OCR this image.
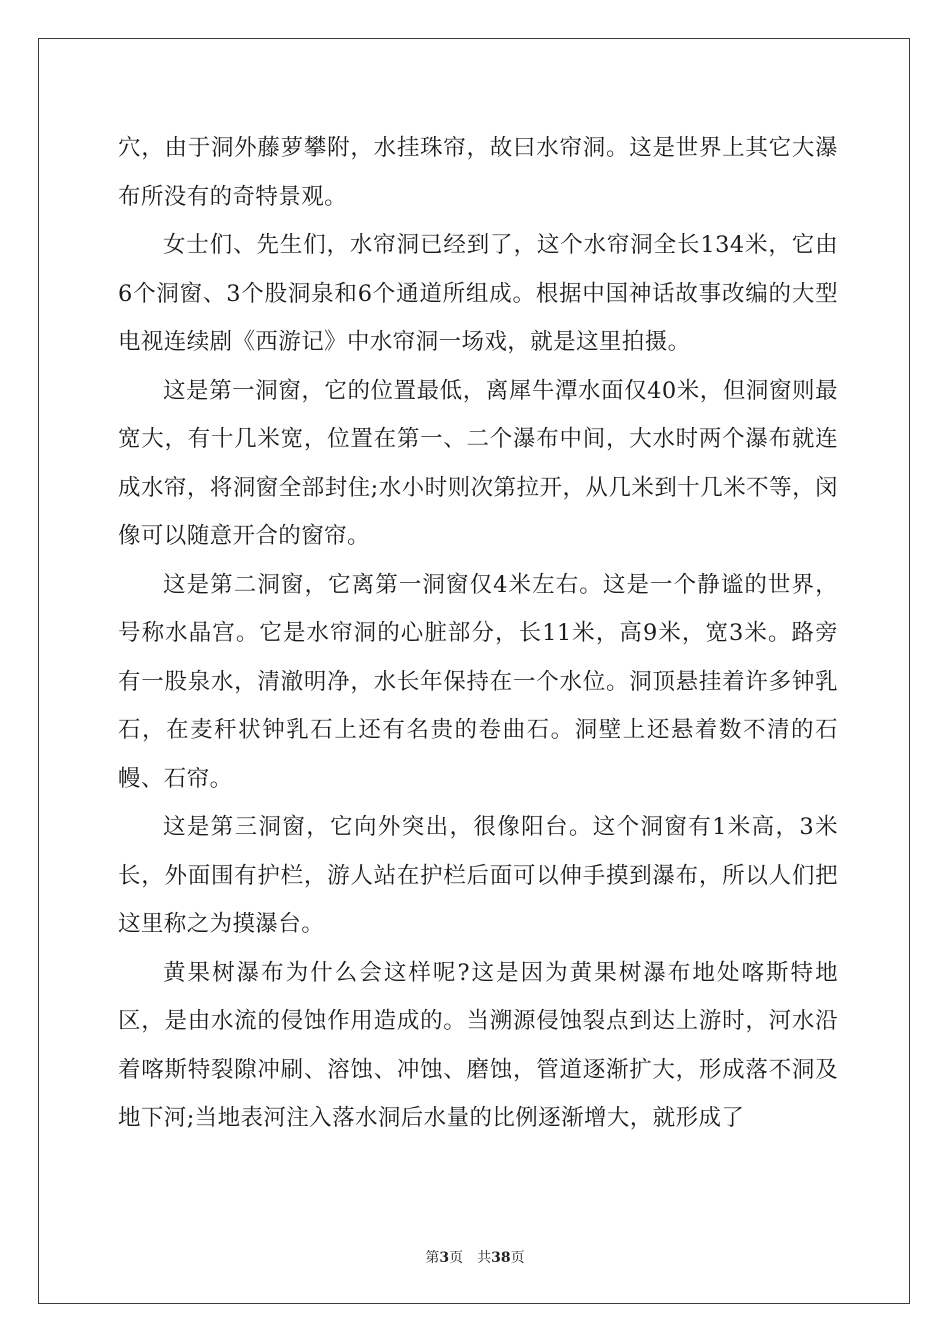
穴，由于洞外藤萝攀附，水挂珠帘，故曰水帘洞。这是世界上其它大瀑布所没有的奇特景观。

女士们、先生们，水帘洞已经到了，这个水帘洞全长134米，它由6个洞窗、3个股洞泉和6个通道所组成。根据中国神话故事改编的大型电视连续剧《西游记》中水帘洞一场戏，就是这里拍摄。

这是第一洞窗，它的位置最低，离犀牛潭水面仅40米，但洞窗则最宽大，有十几米宽，位置在第一、二个瀑布中间，大水时两个瀑布就连成水帘，将洞窗全部封住;水小时则次第拉开，从几米到十几米不等，闵像可以随意开合的窗帘。

这是第二洞窗，它离第一洞窗仅4米左右。这是一个静谧的世界，号称水晶宫。它是水帘洞的心脏部分，长11米，高9米，宽3米。路旁有一股泉水，清澈明净，水长年保持在一个水位。洞顶悬挂着许多钟乳石，在麦秆状钟乳石上还有名贵的卷曲石。洞壁上还悬着数不清的石幔、石帘。

这是第三洞窗，它向外突出，很像阳台。这个洞窗有1米高，3米长，外面围有护栏，游人站在护栏后面可以伸手摸到瀑布，所以人们把这里称之为摸瀑台。

黄果树瀑布为什么会这样呢?这是因为黄果树瀑布地处喀斯特地区，是由水流的侵蚀作用造成的。当溯源侵蚀裂点到达上游时，河水沿着喀斯特裂隙冲刷、溶蚀、冲蚀、磨蚀，管道逐渐扩大，形成落不洞及地下河;当地表河注入落水洞后水量的比例逐渐增大，就形成了

第3页 共38页
